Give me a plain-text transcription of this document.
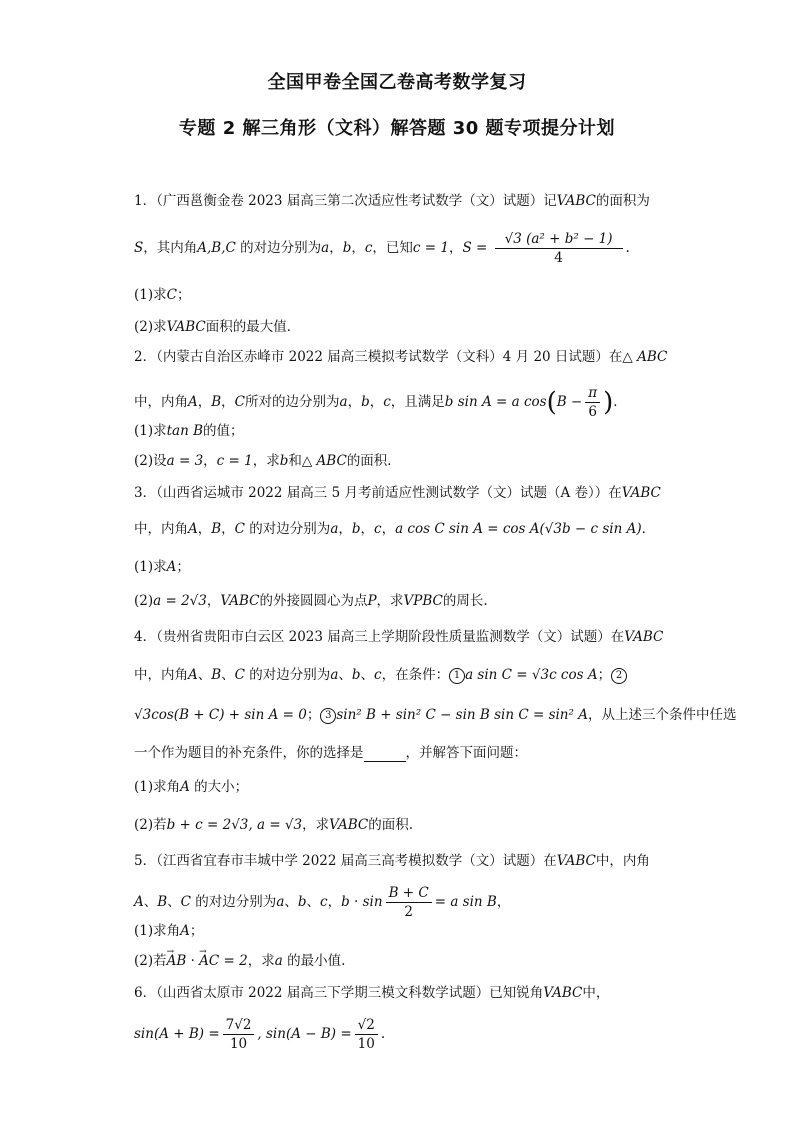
全国甲卷全国乙卷高考数学复习
专题 2 解三角形（文科）解答题 30 题专项提分计划
1．（广西邕衡金卷 2023 届高三第二次适应性考试数学（文）试题）记VABC的面积为
S，其内角A,B,C 的对边分别为a，b，c，已知c = 1，$S = \frac{\text{√3 (a² + b² − 1)}}{4}$ .
(1)求C；
(2)求VABC面积的最大值．
2．（内蒙古自治区赤峰市 2022 届高三模拟考试数学（文科）4 月 20 日试题）在△ ABC
中，内角A，B，C所对的边分别为a，b，c，且满足b sin A = a $\cos(B - \frac{\pi}{6}$ )．
(1)求tan B的值；
(2)设a = 3，c = 1，求b和△ ABC的面积．
3．（山西省运城市 2022 届高三 5 月考前适应性测试数学（文）试题（A 卷））在VABC
中，内角A，B，C 的对边分别为a，b，c，a cos C sin A = cos A(√3b − c sin A)．
(1)求A；
(2)a = 2√3，VABC的外接圆圆心为点P，求VPBC的周长.
4．（贵州省贵阳市白云区 2023 届高三上学期阶段性质量监测数学（文）试题）在VABC
中，内角A、B、C 的对边分别为a、b、c，在条件： 1 a sin C = √3c cos A； 2
√3cos(B + C) + sin A = 0； 3 sin² B + sin² C − sin B sin C = sin² A，从上述三个条件中任选
一个作为题目的补充条件，你的选择是	，并解答下面问题：
(1)求角A 的大小；
(2)若b + c = 2√3, a = √3，求VABC的面积.
5．（江西省宜春市丰城中学 2022 届高三高考模拟数学（文）试题）在VABC中，内角
A、B、C 的对边分别为a、b、c，$b \cdot \sin \frac{B + C}{2} = a$ sin B，
(1)求角A；
(2)若→ AB · → AC = 2，求a 的最小值.
6．（山西省太原市 2022 届高三下学期三模文科数学试题）已知锐角VABC中，
$\sin(A + B) = \frac{7√2}{10}$ , $\sin(A - B) = \frac{√2}{10}$ .
